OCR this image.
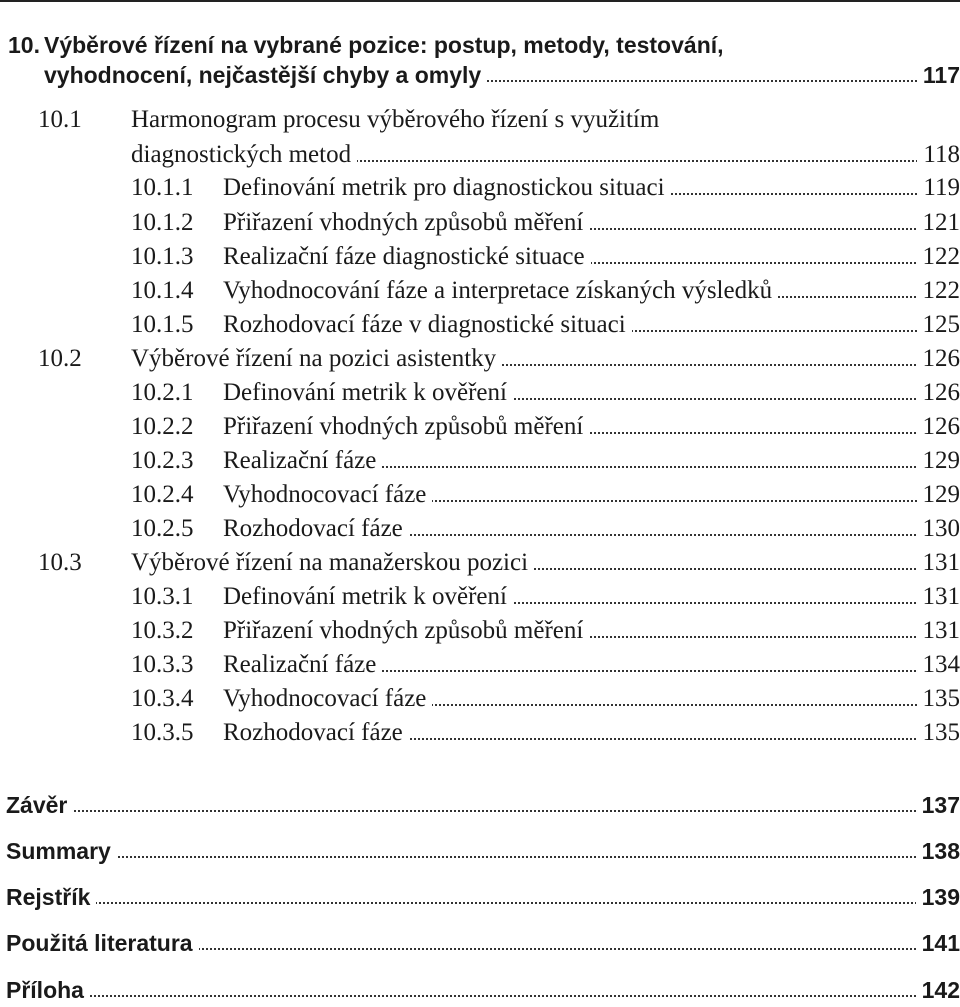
10. Výběrové řízení na vybrané pozice: postup, metody, testování,
vyhodnocení, nejčastější chyby a omyly	117
10.1 Harmonogram procesu výběrového řízení s využitím
diagnostických metod	118
10.1.1 Definování metrik pro diagnostickou situaci	119
10.1.2 Přiřazení vhodných způsobů měření	121
10.1.3 Realizační fáze diagnostické situace	122
10.1.4 Vyhodnocování fáze a interpretace získaných výsledků	122
10.1.5 Rozhodovací fáze v diagnostické situaci	125
10.2 Výběrové řízení na pozici asistentky	126
10.2.1 Definování metrik k ověření	126
10.2.2 Přiřazení vhodných způsobů měření	126
10.2.3 Realizační fáze	129
10.2.4 Vyhodnocovací fáze	129
10.2.5 Rozhodovací fáze	130
10.3 Výběrové řízení na manažerskou pozici	131
10.3.1 Definování metrik k ověření	131
10.3.2 Přiřazení vhodných způsobů měření	131
10.3.3 Realizační fáze	134
10.3.4 Vyhodnocovací fáze	135
10.3.5 Rozhodovací fáze	135
Závěr	137
Summary	138
Rejstřík	139
Použitá literatura	141
Příloha	142
